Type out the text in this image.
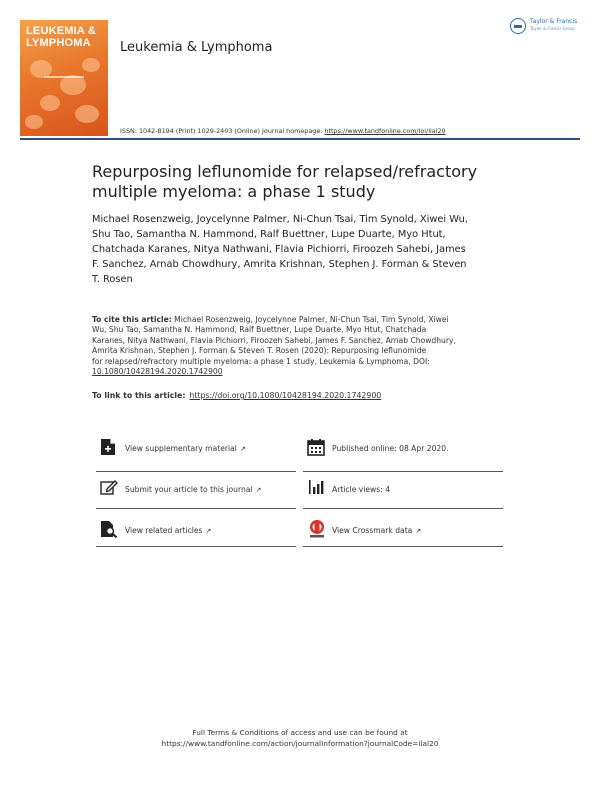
LEUKEMIA &
LYMPHOMA Leukemia & Lymphoma
Taylor & Francis
Taylor & Francis Group
ISSN: 1042-8194 (Print) 1029-2403 (Online) Journal homepage: https://www.tandfonline.com/loi/ilal20
Repurposing leflunomide for relapsed/refractory
multiple myeloma: a phase 1 study
Michael Rosenzweig, Joycelynne Palmer, Ni-Chun Tsai, Tim Synold, Xiwei Wu,
Shu Tao, Samantha N. Hammond, Ralf Buettner, Lupe Duarte, Myo Htut,
Chatchada Karanes, Nitya Nathwani, Flavia Pichiorri, Firoozeh Sahebi, James
F. Sanchez, Arnab Chowdhury, Amrita Krishnan, Stephen J. Forman & Steven
T. Rosen
To cite this article: Michael Rosenzweig, Joycelynne Palmer, Ni-Chun Tsai, Tim Synold, Xiwei
Wu, Shu Tao, Samantha N. Hammond, Ralf Buettner, Lupe Duarte, Myo Htut, Chatchada
Karanes, Nitya Nathwani, Flavia Pichiorri, Firoozeh Sahebi, James F. Sanchez, Arnab Chowdhury,
Amrita Krishnan, Stephen J. Forman & Steven T. Rosen (2020): Repurposing leflunomide
for relapsed/refractory multiple myeloma: a phase 1 study, Leukemia & Lymphoma, DOI:
10.1080/10428194.2020.1742900
To link to this article: https://doi.org/10.1080/10428194.2020.1742900
View supplementary material ↗	Published online: 08 Apr 2020.
Submit your article to this journal ↗	Article views: 4
View related articles ↗	View Crossmark data ↗
Full Terms & Conditions of access and use can be found at
https://www.tandfonline.com/action/journalInformation?journalCode=ilal20
